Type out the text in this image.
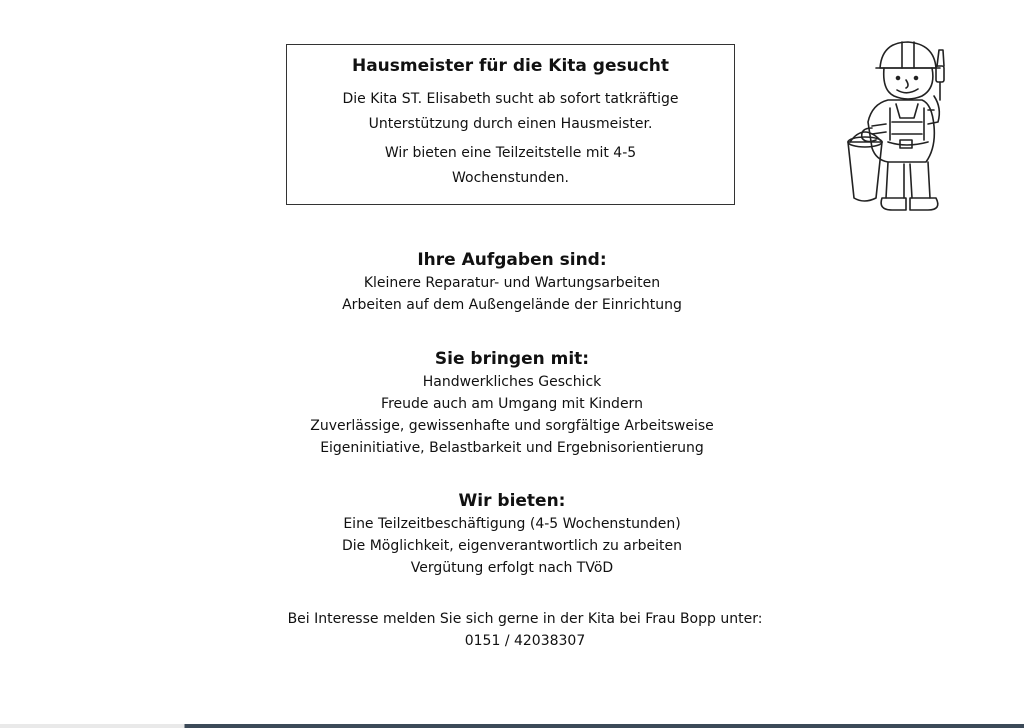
Hausmeister für die Kita gesucht
Die Kita ST. Elisabeth sucht ab sofort tatkräftige
Unterstützung durch einen Hausmeister.
Wir bieten eine Teilzeitstelle mit 4-5
Wochenstunden.
Ihre Aufgaben sind:
Kleinere Reparatur- und Wartungsarbeiten
Arbeiten auf dem Außengelände der Einrichtung
Sie bringen mit:
Handwerkliches Geschick
Freude auch am Umgang mit Kindern
Zuverlässige, gewissenhafte und sorgfältige Arbeitsweise
Eigeninitiative, Belastbarkeit und Ergebnisorientierung
Wir bieten:
Eine Teilzeitbeschäftigung (4-5 Wochenstunden)
Die Möglichkeit, eigenverantwortlich zu arbeiten
Vergütung erfolgt nach TVöD
Bei Interesse melden Sie sich gerne in der Kita bei Frau Bopp unter:
0151 / 42038307
